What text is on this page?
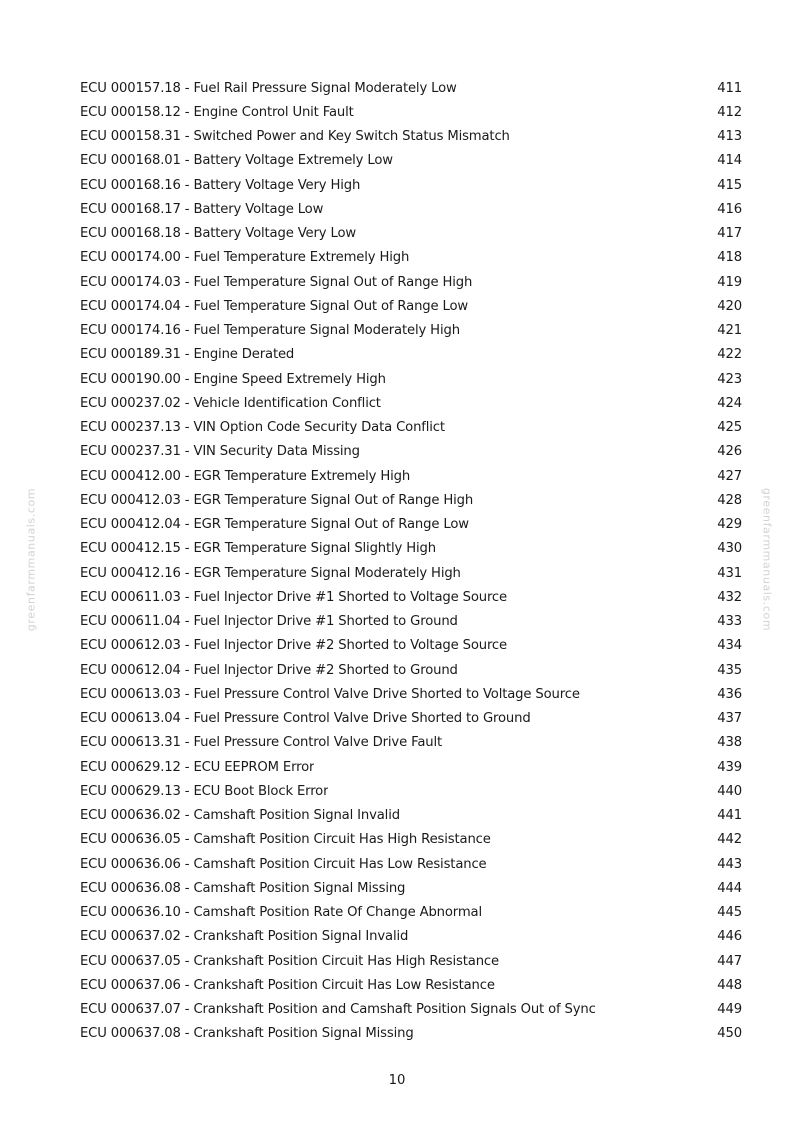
ECU 000157.18 - Fuel Rail Pressure Signal Moderately Low	411
ECU 000158.12 - Engine Control Unit Fault	412
ECU 000158.31 - Switched Power and Key Switch Status Mismatch	413
ECU 000168.01 - Battery Voltage Extremely Low	414
ECU 000168.16 - Battery Voltage Very High	415
ECU 000168.17 - Battery Voltage Low	416
ECU 000168.18 - Battery Voltage Very Low	417
ECU 000174.00 - Fuel Temperature Extremely High	418
ECU 000174.03 - Fuel Temperature Signal Out of Range High	419
ECU 000174.04 - Fuel Temperature Signal Out of Range Low	420
ECU 000174.16 - Fuel Temperature Signal Moderately High	421
ECU 000189.31 - Engine Derated	422
ECU 000190.00 - Engine Speed Extremely High	423
ECU 000237.02 - Vehicle Identification Conflict	424
ECU 000237.13 - VIN Option Code Security Data Conflict	425
ECU 000237.31 - VIN Security Data Missing	426
ECU 000412.00 - EGR Temperature Extremely High	427
ECU 000412.03 - EGR Temperature Signal Out of Range High	428
ECU 000412.04 - EGR Temperature Signal Out of Range Low	429
ECU 000412.15 - EGR Temperature Signal Slightly High	430
ECU 000412.16 - EGR Temperature Signal Moderately High	431
ECU 000611.03 - Fuel Injector Drive #1 Shorted to Voltage Source	432
ECU 000611.04 - Fuel Injector Drive #1 Shorted to Ground	433
ECU 000612.03 - Fuel Injector Drive #2 Shorted to Voltage Source	434
ECU 000612.04 - Fuel Injector Drive #2 Shorted to Ground	435
ECU 000613.03 - Fuel Pressure Control Valve Drive Shorted to Voltage Source	436
ECU 000613.04 - Fuel Pressure Control Valve Drive Shorted to Ground	437
ECU 000613.31 - Fuel Pressure Control Valve Drive Fault	438
ECU 000629.12 - ECU EEPROM Error	439
ECU 000629.13 - ECU Boot Block Error	440
ECU 000636.02 - Camshaft Position Signal Invalid	441
ECU 000636.05 - Camshaft Position Circuit Has High Resistance	442
ECU 000636.06 - Camshaft Position Circuit Has Low Resistance	443
ECU 000636.08 - Camshaft Position Signal Missing	444
ECU 000636.10 - Camshaft Position Rate Of Change Abnormal	445
ECU 000637.02 - Crankshaft Position Signal Invalid	446
ECU 000637.05 - Crankshaft Position Circuit Has High Resistance	447
ECU 000637.06 - Crankshaft Position Circuit Has Low Resistance	448
ECU 000637.07 - Crankshaft Position and Camshaft Position Signals Out of Sync	449
ECU 000637.08 - Crankshaft Position Signal Missing	450
10
greenfarmmanuals.com	greenfarmmanuals.com
